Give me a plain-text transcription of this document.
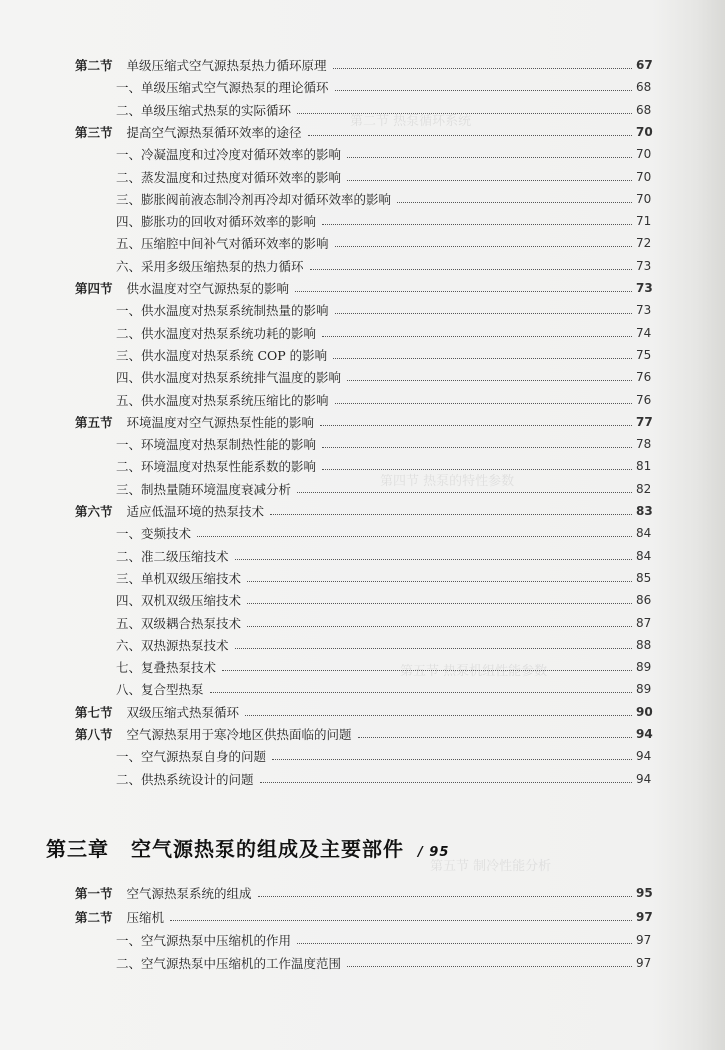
第二节 热泵循环系统
第四节 热泵的特性参数
第五节 热泵机组性能参数
第五节 制冷性能分析
第二节 单级压缩式空气源热泵热力循环原理	67
一、单级压缩式空气源热泵的理论循环	68
二、单级压缩式热泵的实际循环	68
第三节 提高空气源热泵循环效率的途径	70
一、冷凝温度和过冷度对循环效率的影响	70
二、蒸发温度和过热度对循环效率的影响	70
三、膨胀阀前液态制冷剂再冷却对循环效率的影响	70
四、膨胀功的回收对循环效率的影响	71
五、压缩腔中间补气对循环效率的影响	72
六、采用多级压缩热泵的热力循环	73
第四节 供水温度对空气源热泵的影响	73
一、供水温度对热泵系统制热量的影响	73
二、供水温度对热泵系统功耗的影响	74
三、供水温度对热泵系统 COP 的影响	75
四、供水温度对热泵系统排气温度的影响	76
五、供水温度对热泵系统压缩比的影响	76
第五节 环境温度对空气源热泵性能的影响	77
一、环境温度对热泵制热性能的影响	78
二、环境温度对热泵性能系数的影响	81
三、制热量随环境温度衰减分析	82
第六节 适应低温环境的热泵技术	83
一、变频技术	84
二、准二级压缩技术	84
三、单机双级压缩技术	85
四、双机双级压缩技术	86
五、双级耦合热泵技术	87
六、双热源热泵技术	88
七、复叠热泵技术	89
八、复合型热泵	89
第七节 双级压缩式热泵循环	90
第八节 空气源热泵用于寒冷地区供热面临的问题	94
一、空气源热泵自身的问题	94
二、供热系统设计的问题	94
第一节 空气源热泵系统的组成	95
第二节 压缩机	97
一、空气源热泵中压缩机的作用	97
二、空气源热泵中压缩机的工作温度范围	97
第三章 空气源热泵的组成及主要部件 / 95
